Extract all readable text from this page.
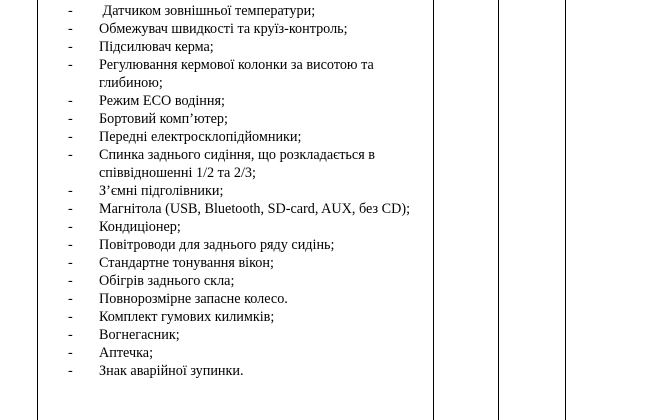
-	Датчиком зовнішньої температури;
-	Обмежувач швидкості та круїз-контроль;
-	Підсилювач керма;
-	Регулювання кермової колонки за висотою та глибиною;
-	Режим ECO водіння;
-	Бортовий комп’ютер;
-	Передні електросклопідйомники;
-	Спинка заднього сидіння, що розкладається в співвідношенні 1/2 та 2/3;
-	З’ємні підголівники;
-	Магнітола (USB, Bluetooth, SD-card, AUX, без CD);
-	Кондиціонер;
-	Повітроводи для заднього ряду сидінь;
-	Стандартне тонування вікон;
-	Обігрів заднього скла;
-	Повнорозмірне запасне колесо.
-	Комплект гумових килимків;
-	Вогнегасник;
-	Аптечка;
-	Знак аварійної зупинки.
